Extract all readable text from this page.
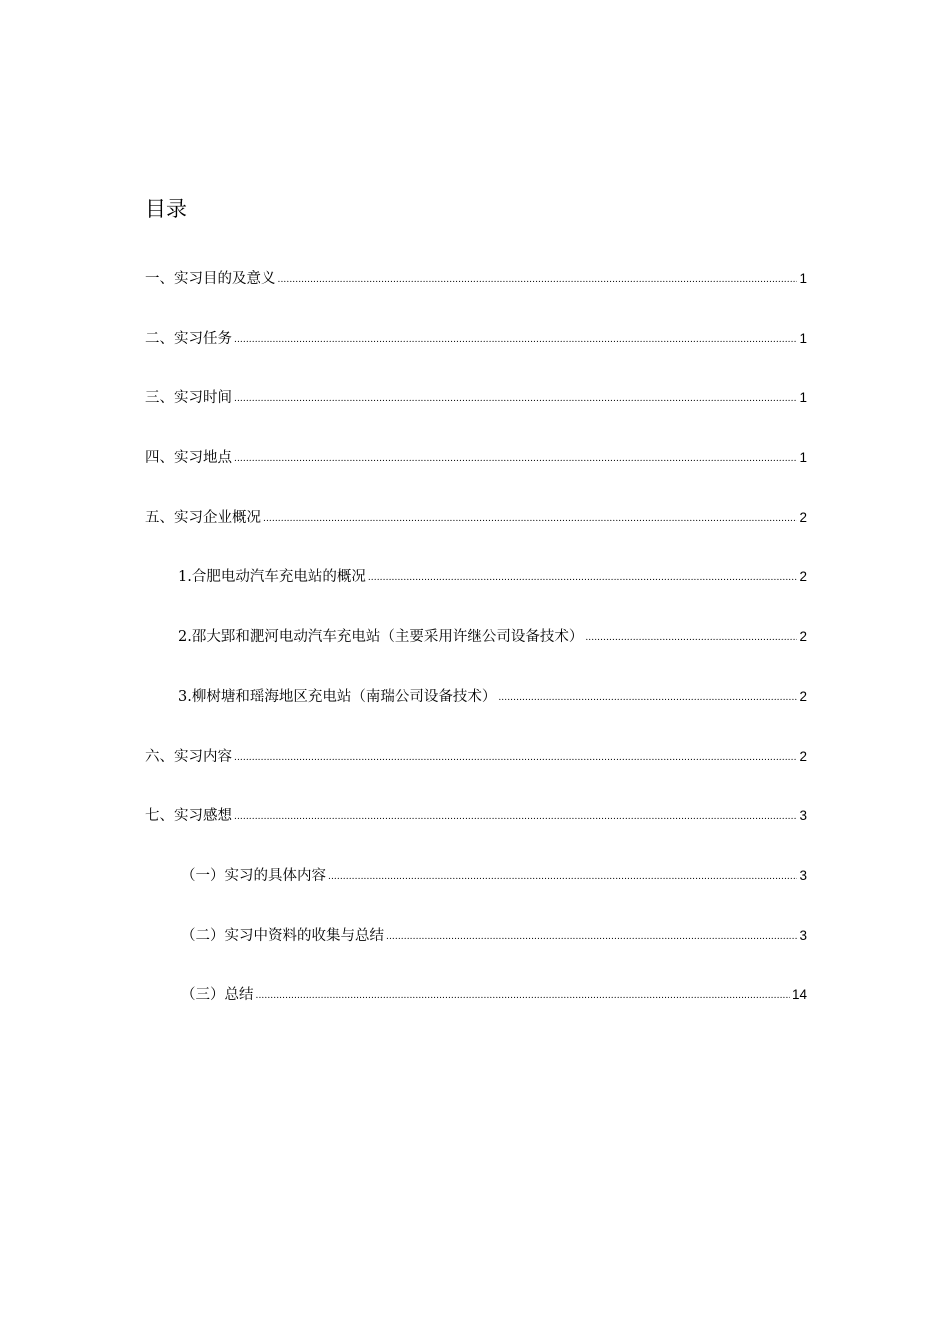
目录
一、实习目的及意义 .....	1
二、实习任务 .....	1
三、实习时间 .....	1
四、实习地点 .....	1
五、实习企业概况 .....	2
1.合肥电动汽车充电站的概况 .....	2
2.邵大郢和淝河电动汽车充电站（主要采用许继公司设备技术） .....	2
3.柳树塘和瑶海地区充电站（南瑞公司设备技术） .....	2
六、实习内容 .....	2
七、实习感想 .....	3
（一）实习的具体内容 .....	3
（二）实习中资料的收集与总结 .....	3
（三）总结 .....	14
